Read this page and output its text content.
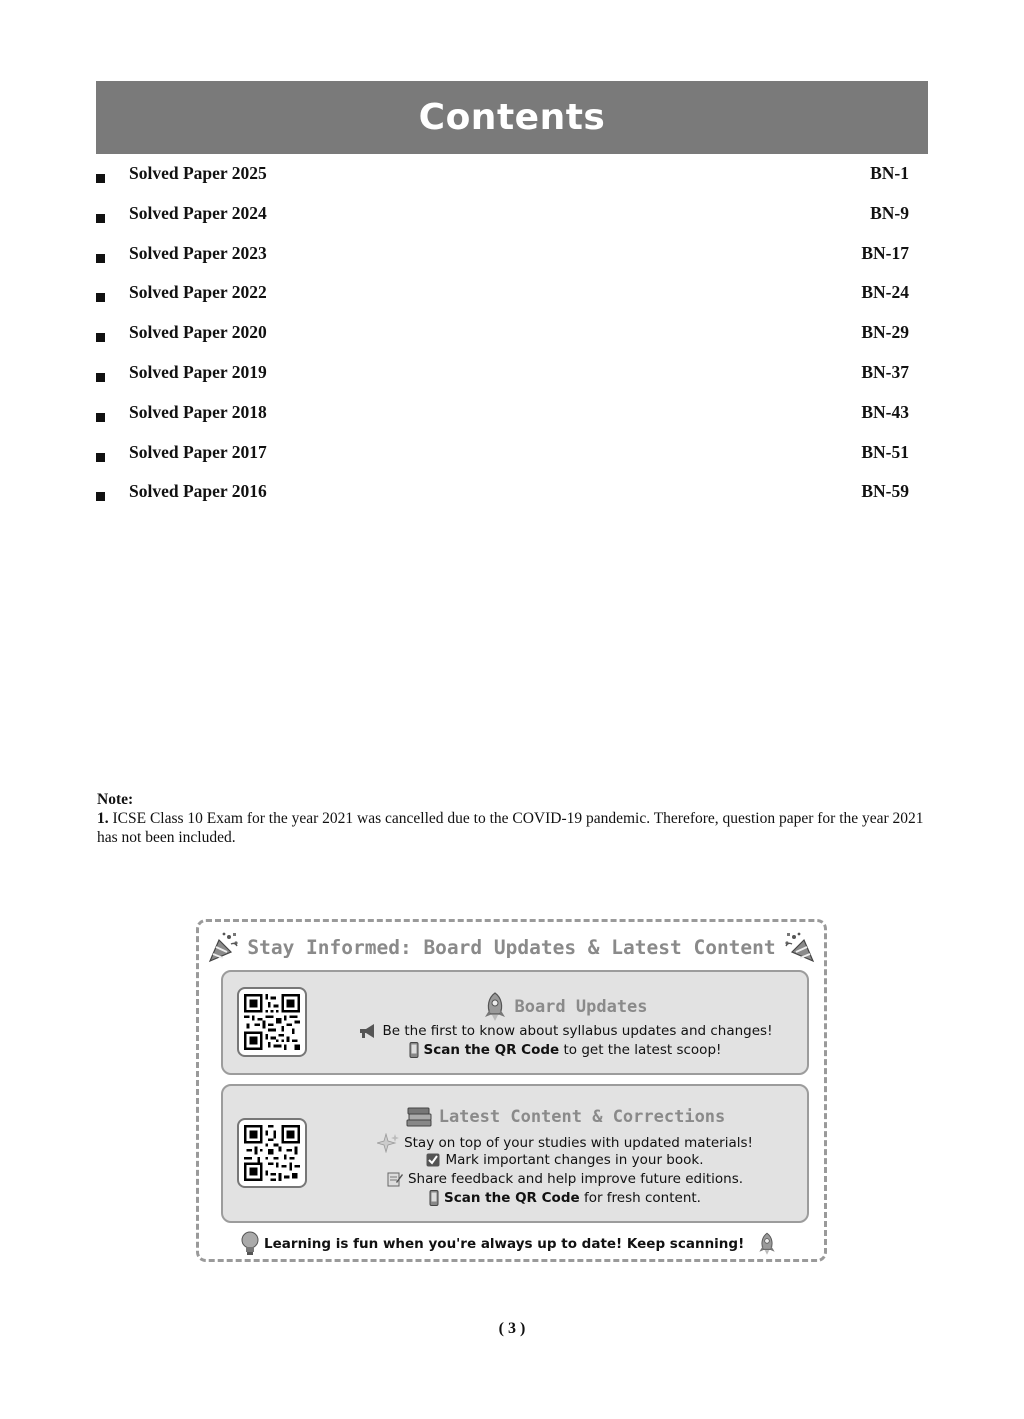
Contents
Solved Paper 2025	BN-1
Solved Paper 2024	BN-9
Solved Paper 2023	BN-17
Solved Paper 2022	BN-24
Solved Paper 2020	BN-29
Solved Paper 2019	BN-37
Solved Paper 2018	BN-43
Solved Paper 2017	BN-51
Solved Paper 2016	BN-59
Note:
1. ICSE Class 10 Exam for the year 2021 was cancelled due to the COVID-19 pandemic. Therefore, question paper for the year 2021 has not been included.
Stay Informed: Board Updates & Latest Content
Board Updates
Be the first to know about syllabus updates and changes!
Scan the QR Code to get the latest scoop!
Latest Content & Corrections
Stay on top of your studies with updated materials!
Mark important changes in your book.
Share feedback and help improve future editions.
Scan the QR Code for fresh content.
Learning is fun when you're always up to date! Keep scanning!
( 3 )
